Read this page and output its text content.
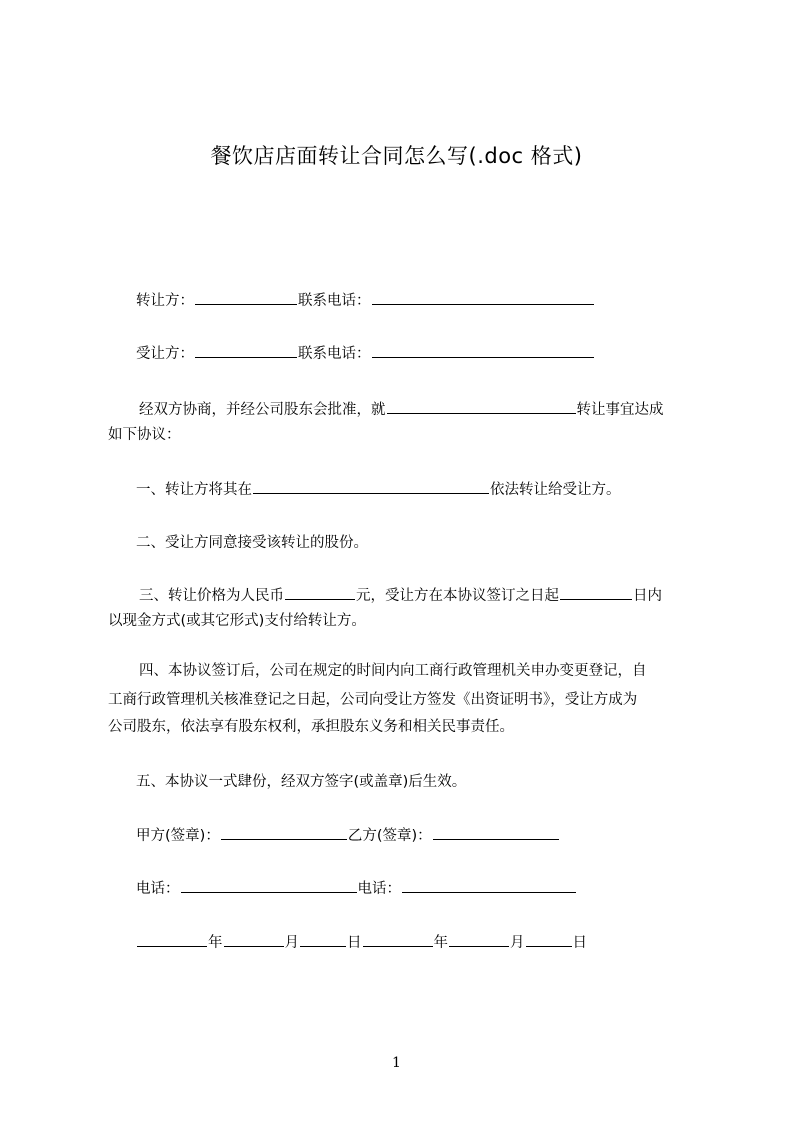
餐饮店店面转让合同怎么写(.doc 格式)
转让方：	联系电话：
受让方：	联系电话：
经双方协商，并经公司股东会批准，就	转让事宜达成
如下协议：
一、转让方将其在	依法转让给受让方。
二、受让方同意接受该转让的股份。
三、转让价格为人民币	元，受让方在本协议签订之日起	日内
以现金方式(或其它形式)支付给转让方。
四、本协议签订后，公司在规定的时间内向工商行政管理机关申办变更登记，自
工商行政管理机关核准登记之日起，公司向受让方签发《出资证明书》，受让方成为
公司股东，依法享有股东权利，承担股东义务和相关民事责任。
五、本协议一式肆份，经双方签字(或盖章)后生效。
甲方(签章)：	乙方(签章)：
电话：	电话：
年	月	日	年	月	日
1
